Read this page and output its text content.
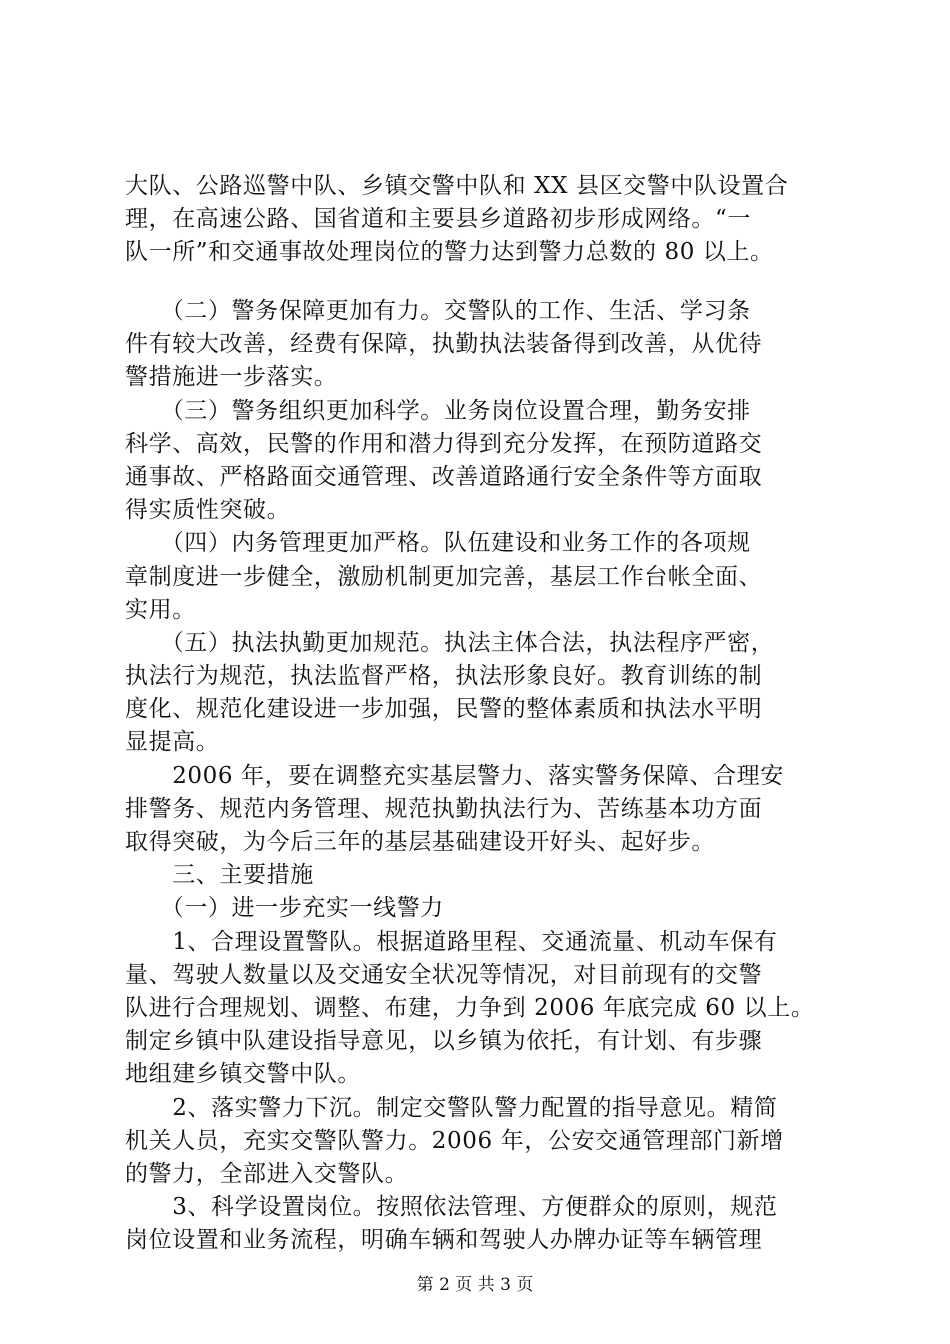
大队、公路巡警中队、乡镇交警中队和 XX 县区交警中队设置合
理，在高速公路、国省道和主要县乡道路初步形成网络。“一
队一所”和交通事故处理岗位的警力达到警力总数的 80 以上。
　　（二）警务保障更加有力。交警队的工作、生活、学习条
件有较大改善，经费有保障，执勤执法装备得到改善，从优待
警措施进一步落实。
　　（三）警务组织更加科学。业务岗位设置合理，勤务安排
科学、高效，民警的作用和潜力得到充分发挥，在预防道路交
通事故、严格路面交通管理、改善道路通行安全条件等方面取
得实质性突破。
　　（四）内务管理更加严格。队伍建设和业务工作的各项规
章制度进一步健全，激励机制更加完善，基层工作台帐全面、
实用。
　　（五）执法执勤更加规范。执法主体合法，执法程序严密，
执法行为规范，执法监督严格，执法形象良好。教育训练的制
度化、规范化建设进一步加强，民警的整体素质和执法水平明
显提高。
　　2006 年，要在调整充实基层警力、落实警务保障、合理安
排警务、规范内务管理、规范执勤执法行为、苦练基本功方面
取得突破，为今后三年的基层基础建设开好头、起好步。
　　三、主要措施
　　（一）进一步充实一线警力
　　1、合理设置警队。根据道路里程、交通流量、机动车保有
量、驾驶人数量以及交通安全状况等情况，对目前现有的交警
队进行合理规划、调整、布建，力争到 2006 年底完成 60 以上。
制定乡镇中队建设指导意见，以乡镇为依托，有计划、有步骤
地组建乡镇交警中队。
　　2、落实警力下沉。制定交警队警力配置的指导意见。精简
机关人员，充实交警队警力。2006 年，公安交通管理部门新增
的警力，全部进入交警队。
　　3、科学设置岗位。按照依法管理、方便群众的原则，规范
岗位设置和业务流程，明确车辆和驾驶人办牌办证等车辆管理
第 2 页 共 3 页
